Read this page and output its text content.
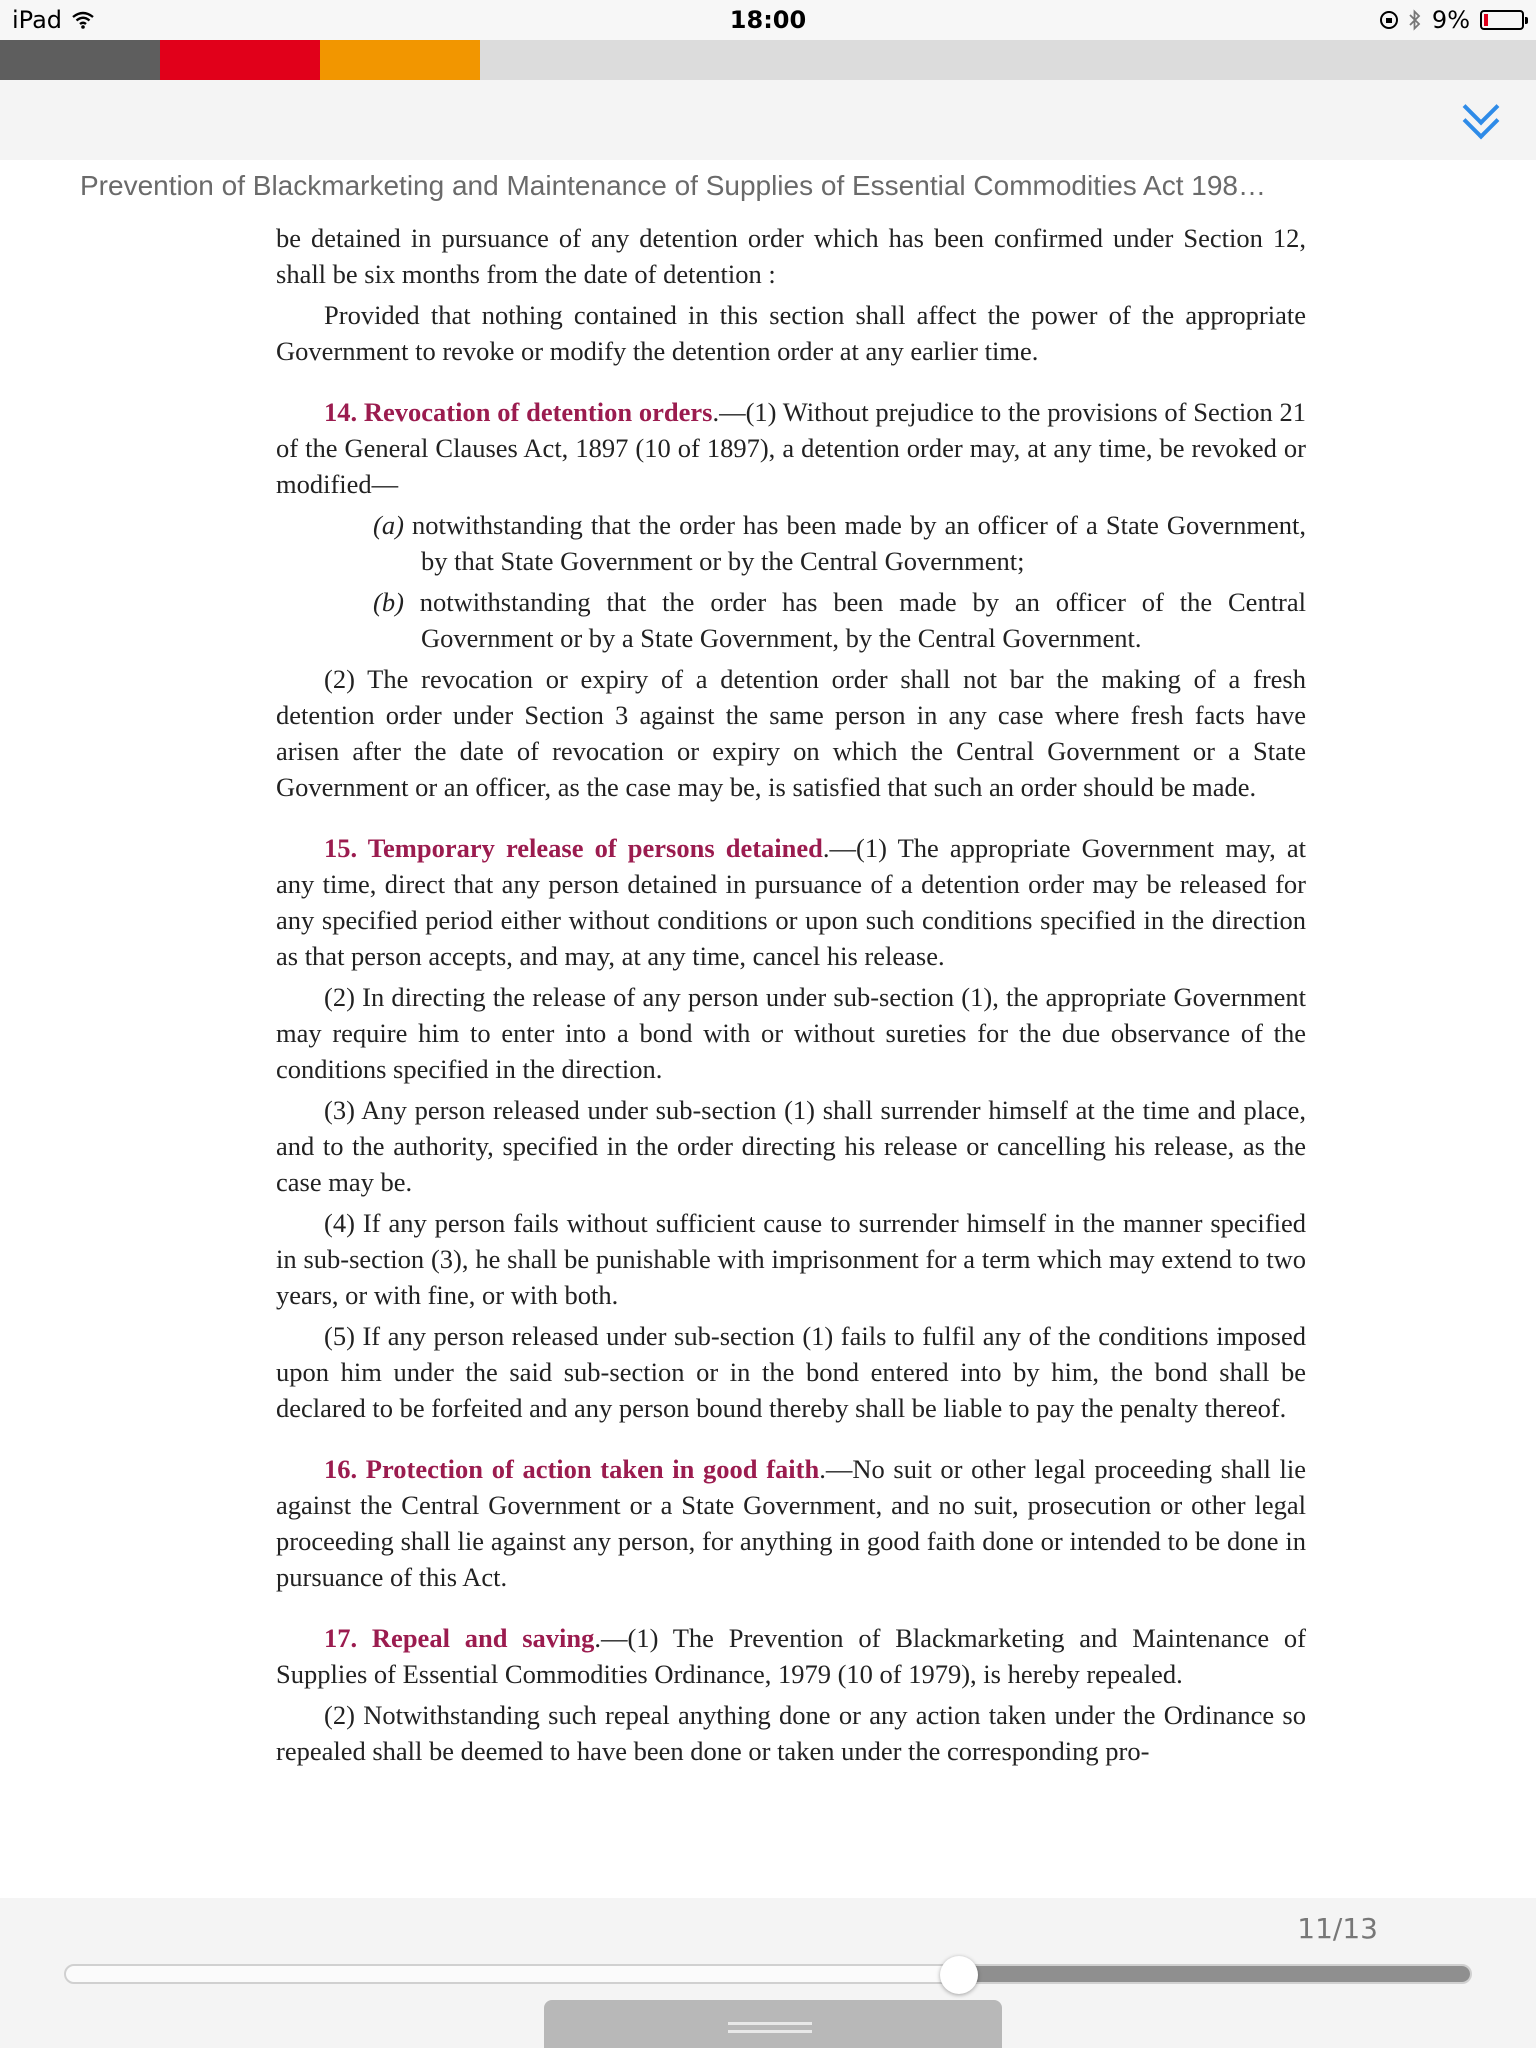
iPad	18:00	9%
Prevention of Blackmarketing and Maintenance of Supplies of Essential Commodities Act 198…

be detained in pursuance of any detention order which has been confirmed under Section 12, shall be six months from the date of detention :

Provided that nothing contained in this section shall affect the power of the appropriate Government to revoke or modify the detention order at any earlier time.

14. Revocation of detention orders.—(1) Without prejudice to the provisions of Section 21 of the General Clauses Act, 1897 (10 of 1897), a detention order may, at any time, be revoked or modified—

(a) notwithstanding that the order has been made by an officer of a State Government, by that State Government or by the Central Government;

(b) notwithstanding that the order has been made by an officer of the Central Government or by a State Government, by the Central Government.

(2) The revocation or expiry of a detention order shall not bar the making of a fresh detention order under Section 3 against the same person in any case where fresh facts have arisen after the date of revocation or expiry on which the Central Government or a State Government or an officer, as the case may be, is satisfied that such an order should be made.

15. Temporary release of persons detained.—(1) The appropriate Government may, at any time, direct that any person detained in pursuance of a detention order may be released for any specified period either without conditions or upon such conditions specified in the direction as that person accepts, and may, at any time, cancel his release.

(2) In directing the release of any person under sub-section (1), the appropriate Government may require him to enter into a bond with or without sureties for the due observance of the conditions specified in the direction.

(3) Any person released under sub-section (1) shall surrender himself at the time and place, and to the authority, specified in the order directing his release or cancelling his release, as the case may be.

(4) If any person fails without sufficient cause to surrender himself in the manner specified in sub-section (3), he shall be punishable with imprisonment for a term which may extend to two years, or with fine, or with both.

(5) If any person released under sub-section (1) fails to fulfil any of the conditions imposed upon him under the said sub-section or in the bond entered into by him, the bond shall be declared to be forfeited and any person bound thereby shall be liable to pay the penalty thereof.

16. Protection of action taken in good faith.—No suit or other legal proceeding shall lie against the Central Government or a State Government, and no suit, prosecution or other legal proceeding shall lie against any person, for anything in good faith done or intended to be done in pursuance of this Act.

17. Repeal and saving.—(1) The Prevention of Blackmarketing and Maintenance of Supplies of Essential Commodities Ordinance, 1979 (10 of 1979), is hereby repealed.

(2) Notwithstanding such repeal anything done or any action taken under the Ordinance so repealed shall be deemed to have been done or taken under the corresponding pro-

11/13
